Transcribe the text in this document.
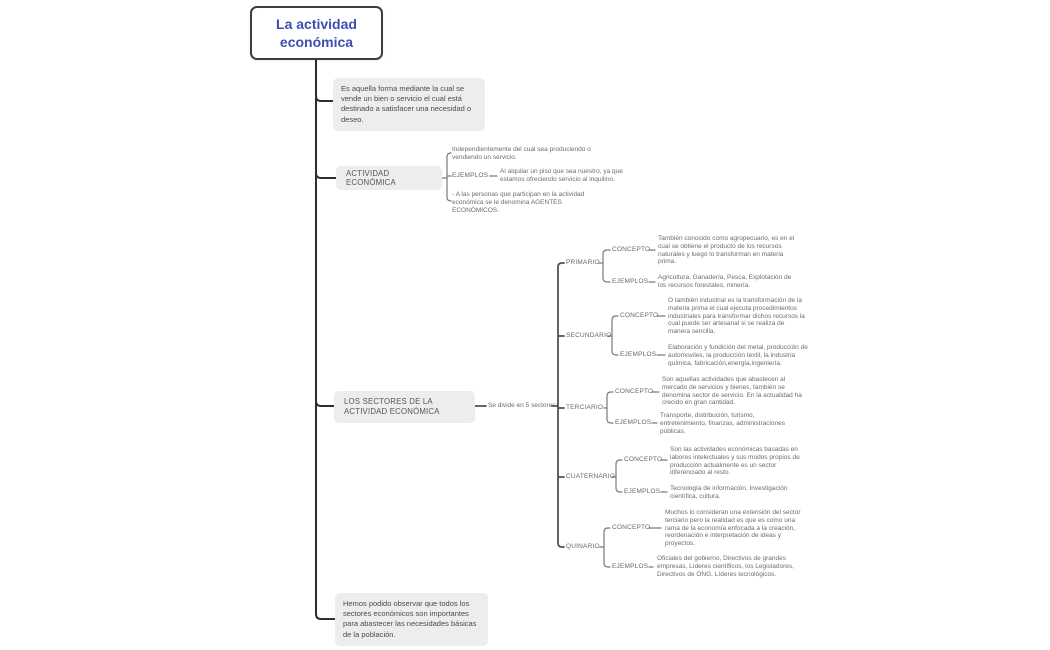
La actividad económica
Es aquella forma mediante la cual se vende un bien o servicio el cual está destinado a satisfacer una necesidad o deseo.
ACTIVIDAD ECONÓMICA
Independientemente del cual sea produciendo o vendiendo un servicio.
EJEMPLOS
Al alquilar un piso que sea nuestro, ya que estamos ofreciendo servicio al inquilino.
- A las personas que participan en la actividad económica se le denomina AGENTES ECONÓMICOS.
LOS SECTORES DE LA ACTIVIDAD ECONÓMICA
Se divide en 5 sectores:
PRIMARIO
CONCEPTO
También conocido como agropecuario, es en el cual se obtiene el producto de los recursos naturales y luego lo transforman en materia prima.
EJEMPLOS
Agricultura, Ganadería, Pesca, Explotación de los recursos forestales, minería.
SECUNDARIO
CONCEPTO
O también industrial es la transformación de la materia prima el cual ejecuta procedimientos industriales para transformar dichos recursos la cual puede ser artesanal si se realiza de manera sencilla.
EJEMPLOS
Elaboración y fundición del metal, producción de automoviles, la producción textil, la industria química, fabricación,energía,ingeniería.
TERCIARIO
CONCEPTO
Son aquellas actividades que abastecen al mercado de servicios y bienes, también se denomina sector de servicio. En la actualidad ha crecido en gran cantidad.
EJEMPLOS
Transporte, distribución, turismo, entretenimiento, finanzas, administraciones públicas.
CUATERNARIO
CONCEPTO
Son las actividades económicas basadas en labores intelectuales y sus modos propios de producción actualmente es un sector diferenciado al resto.
EJEMPLOS Tecnología de información, Investigación científica, cultura.
QUINARIO
CONCEPTO
Muchos lo consideran una extensión del sector terciario pero la realidad es que es como una rama de la economía enfocada a la creación, reordenación e interpretación de ideas y proyectos.
EJEMPLOS
Oficiales del gobierno, Directivos de grandes empresas, Líderes científicos, los Legisladores, Directivos de ONG. Líderes tecnológicos.
Hemos podido observar que todos los sectores económicos son importantes para abastecer las necesidades básicas de la población.
